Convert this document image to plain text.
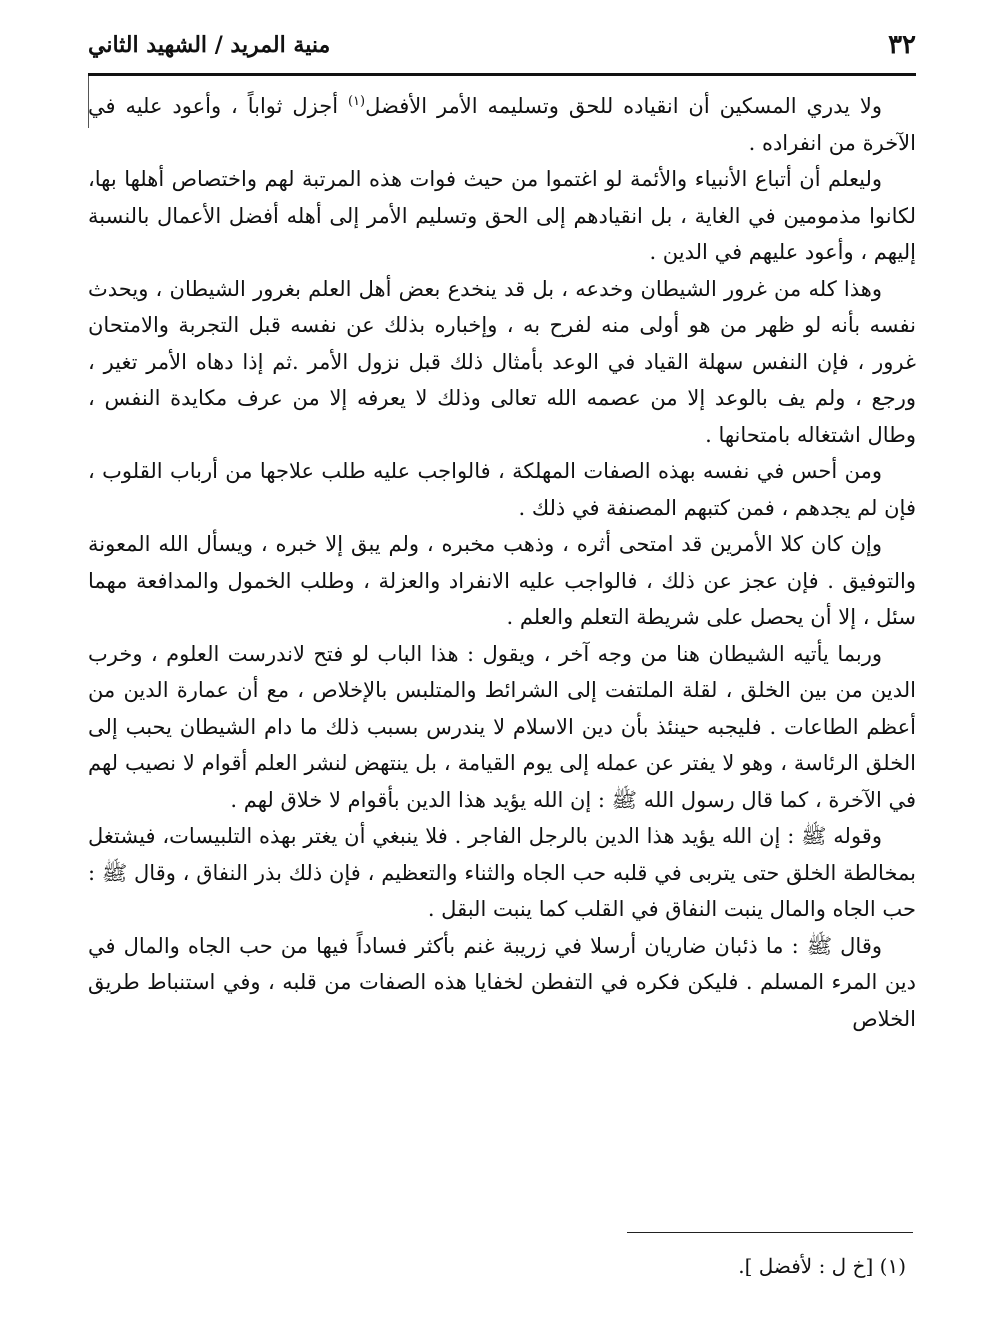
٣٢
منية المريد / الشهيد الثاني

ولا يدري المسكين أن انقياده للحق وتسليمه الأمر الأفضل$^{(١)}$ أجزل ثواباً ، وأعود عليه في الآخرة من انفراده .

وليعلم أن أتباع الأنبياء والأئمة لو اغتموا من حيث فوات هذه المرتبة لهم واختصاص أهلها بها، لكانوا مذمومين في الغاية ، بل انقيادهم إلى الحق وتسليم الأمر إلى أهله أفضل الأعمال بالنسبة إليهم ، وأعود عليهم في الدين .

وهذا كله من غرور الشيطان وخدعه ، بل قد ينخدع بعض أهل العلم بغرور الشيطان ، ويحدث نفسه بأنه لو ظهر من هو أولى منه لفرح به ، وإخباره بذلك عن نفسه قبل التجربة والامتحان غرور ، فإن النفس سهلة القياد في الوعد بأمثال ذلك قبل نزول الأمر .ثم إذا دهاه الأمر تغير ، ورجع ، ولم يف بالوعد إلا من عصمه الله تعالى وذلك لا يعرفه إلا من عرف مكايدة النفس ، وطال اشتغاله بامتحانها .

ومن أحس في نفسه بهذه الصفات المهلكة ، فالواجب عليه طلب علاجها من أرباب القلوب ، فإن لم يجدهم ، فمن كتبهم المصنفة في ذلك .

وإن كان كلا الأمرين قد امتحى أثره ، وذهب مخبره ، ولم يبق إلا خبره ، ويسأل الله المعونة والتوفيق . فإن عجز عن ذلك ، فالواجب عليه الانفراد والعزلة ، وطلب الخمول والمدافعة مهما سئل ، إلا أن يحصل على شريطة التعلم والعلم .

وربما يأتيه الشيطان هنا من وجه آخر ، ويقول : هذا الباب لو فتح لاندرست العلوم ، وخرب الدين من بين الخلق ، لقلة الملتفت إلى الشرائط والمتلبس بالإخلاص ، مع أن عمارة الدين من أعظم الطاعات . فليجبه حينئذ بأن دين الاسلام لا يندرس بسبب ذلك ما دام الشيطان يحبب إلى الخلق الرئاسة ، وهو لا يفتر عن عمله إلى يوم القيامة ، بل ينتهض لنشر العلم أقوام لا نصيب لهم في الآخرة ، كما قال رسول الله ﷺ : إن الله يؤيد هذا الدين بأقوام لا خلاق لهم .

وقوله ﷺ : إن الله يؤيد هذا الدين بالرجل الفاجر . فلا ينبغي أن يغتر بهذه التلبيسات، فيشتغل بمخالطة الخلق حتى يتربى في قلبه حب الجاه والثناء والتعظيم ، فإن ذلك بذر النفاق ، وقال ﷺ : حب الجاه والمال ينبت النفاق في القلب كما ينبت البقل .

وقال ﷺ : ما ذئبان ضاريان أرسلا في زريبة غنم بأكثر فساداً فيها من حب الجاه والمال في دين المرء المسلم . فليكن فكره في التفطن لخفايا هذه الصفات من قلبه ، وفي استنباط طريق الخلاص

(١) [خ ل : لأفضل ].
